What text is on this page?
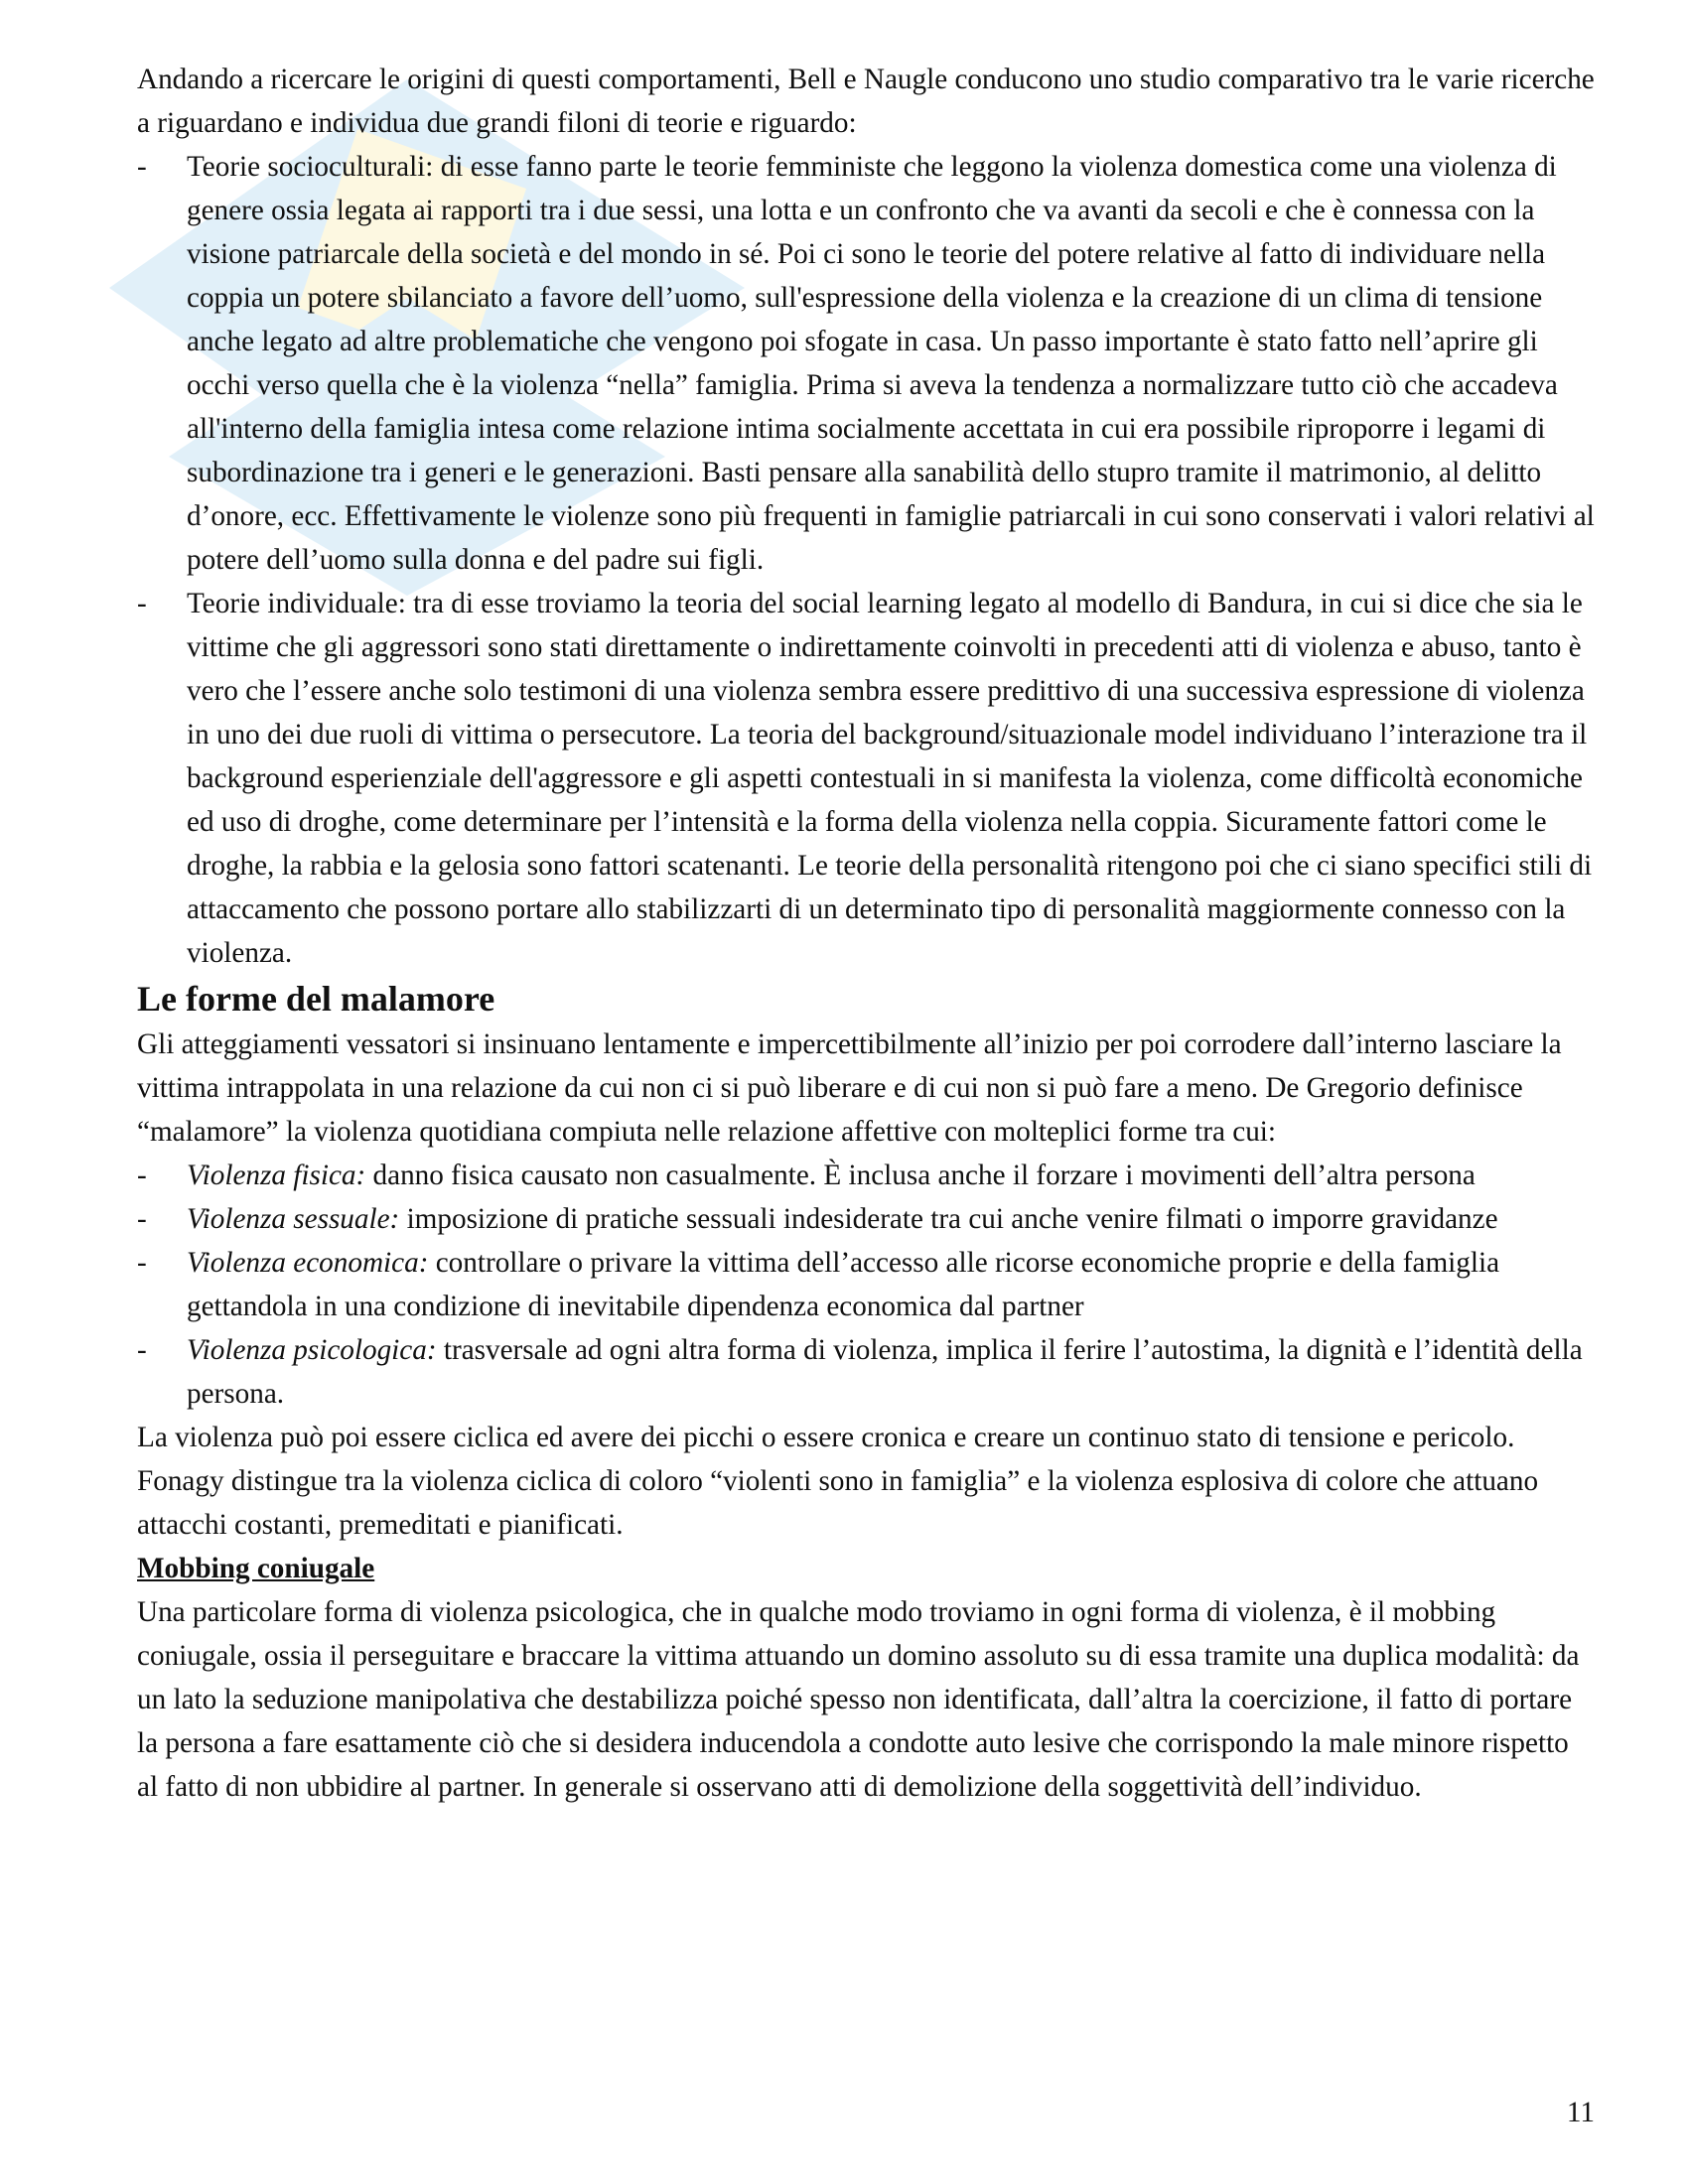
Andando a ricercare le origini di questi comportamenti, Bell e Naugle conducono uno studio comparativo tra le varie ricerche a riguardano e individua due grandi filoni di teorie e riguardo:

- Teorie socioculturali: di esse fanno parte le teorie femministe che leggono la violenza domestica come una violenza di genere ossia legata ai rapporti tra i due sessi, una lotta e un confronto che va avanti da secoli e che è connessa con la visione patriarcale della società e del mondo in sé. Poi ci sono le teorie del potere relative al fatto di individuare nella coppia un potere sbilanciato a favore dell’uomo, sull'espressione della violenza e la creazione di un clima di tensione anche legato ad altre problematiche che vengono poi sfogate in casa. Un passo importante è stato fatto nell’aprire gli occhi verso quella che è la violenza “nella” famiglia. Prima si aveva la tendenza a normalizzare tutto ciò che accadeva all'interno della famiglia intesa come relazione intima socialmente accettata in cui era possibile riproporre i legami di subordinazione tra i generi e le generazioni. Basti pensare alla sanabilità dello stupro tramite il matrimonio, al delitto d’onore, ecc. Effettivamente le violenze sono più frequenti in famiglie patriarcali in cui sono conservati i valori relativi al potere dell’uomo sulla donna e del padre sui figli.
- Teorie individuale: tra di esse troviamo la teoria del social learning legato al modello di Bandura, in cui si dice che sia le vittime che gli aggressori sono stati direttamente o indirettamente coinvolti in precedenti atti di violenza e abuso, tanto è vero che l’essere anche solo testimoni di una violenza sembra essere predittivo di una successiva espressione di violenza in uno dei due ruoli di vittima o persecutore. La teoria del background/situazionale model individuano l’interazione tra il background esperienziale dell'aggressore e gli aspetti contestuali in si manifesta la violenza, come difficoltà economiche ed uso di droghe, come determinare per l’intensità e la forma della violenza nella coppia. Sicuramente fattori come le droghe, la rabbia e la gelosia sono fattori scatenanti. Le teorie della personalità ritengono poi che ci siano specifici stili di attaccamento che possono portare allo stabilizzarti di un determinato tipo di personalità maggiormente connesso con la violenza.
Le forme del malamore

Gli atteggiamenti vessatori si insinuano lentamente e impercettibilmente all’inizio per poi corrodere dall’interno lasciare la vittima intrappolata in una relazione da cui non ci si può liberare e di cui non si può fare a meno. De Gregorio definisce “malamore” la violenza quotidiana compiuta nelle relazione affettive con molteplici forme tra cui:

- Violenza fisica: danno fisica causato non casualmente. È inclusa anche il forzare i movimenti dell’altra persona
- Violenza sessuale: imposizione di pratiche sessuali indesiderate tra cui anche venire filmati o imporre gravidanze
- Violenza economica: controllare o privare la vittima dell’accesso alle ricorse economiche proprie e della famiglia gettandola in una condizione di inevitabile dipendenza economica dal partner
- Violenza psicologica: trasversale ad ogni altra forma di violenza, implica il ferire l’autostima, la dignità e l’identità della persona.

La violenza può poi essere ciclica ed avere dei picchi o essere cronica e creare un continuo stato di tensione e pericolo. Fonagy distingue tra la violenza ciclica di coloro “violenti sono in famiglia” e la violenza esplosiva di colore che attuano attacchi costanti, premeditati e pianificati.

Mobbing coniugale

Una particolare forma di violenza psicologica, che in qualche modo troviamo in ogni forma di violenza, è il mobbing coniugale, ossia il perseguitare e braccare la vittima attuando un domino assoluto su di essa tramite una duplica modalità: da un lato la seduzione manipolativa che destabilizza poiché spesso non identificata, dall’altra la coercizione, il fatto di portare la persona a fare esattamente ciò che si desidera inducendola a condotte auto lesive che corrispondo la male minore rispetto al fatto di non ubbidire al partner. In generale si osservano atti di demolizione della soggettività dell’individuo.

11
